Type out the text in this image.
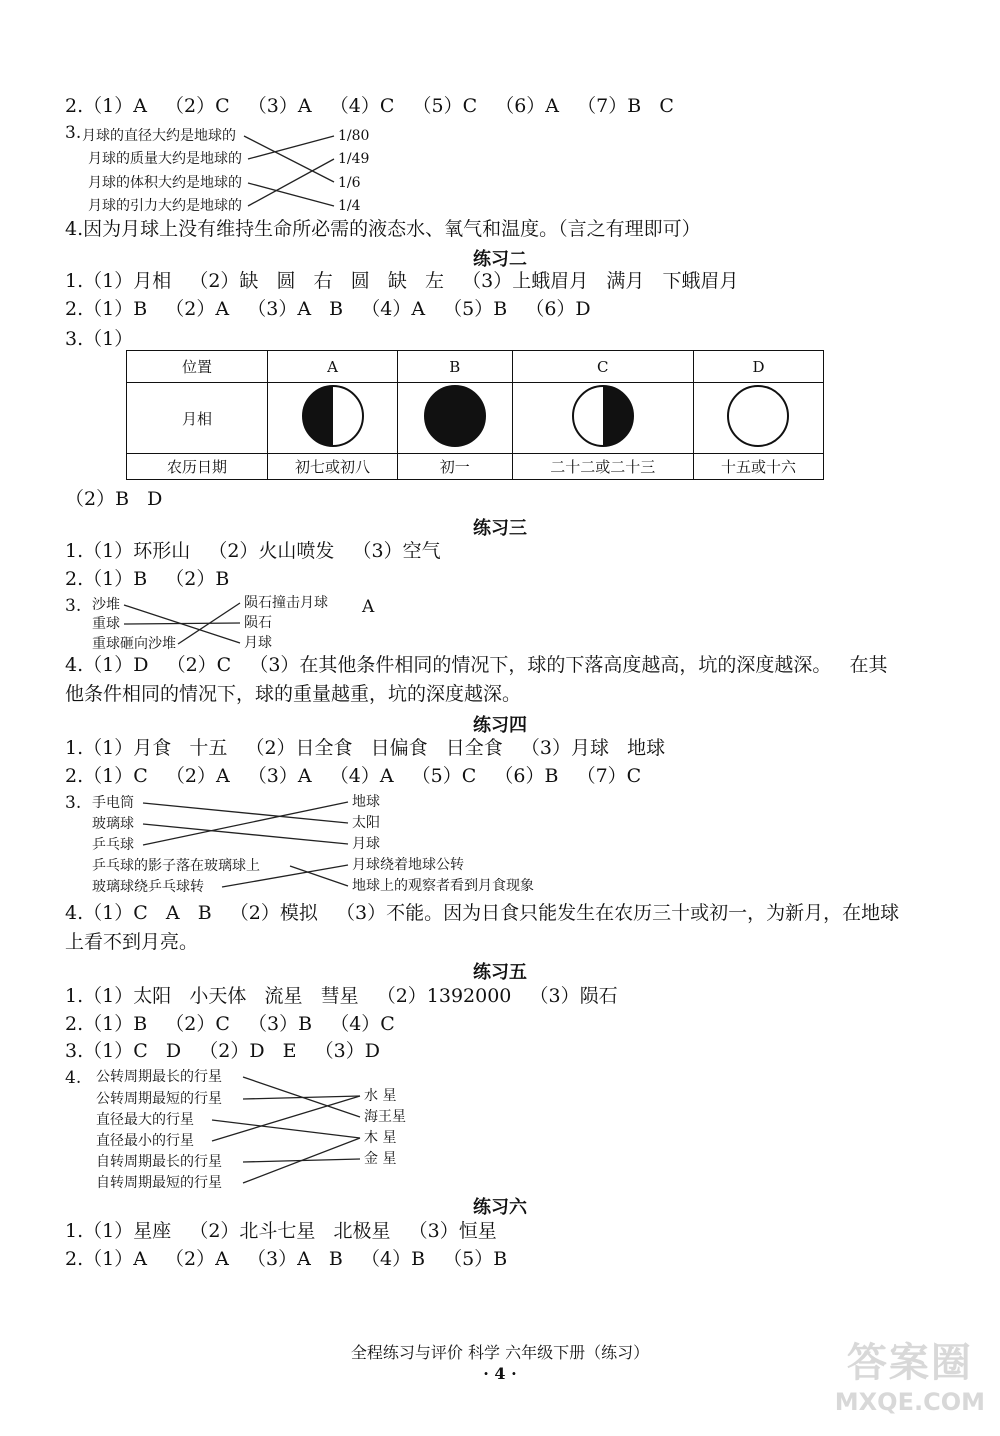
2.（1）A   （2）C   （3）A   （4）C   （5）C   （6）A   （7）B   C
3. 月球的直径大约是地球的
月球的质量大约是地球的
月球的体积大约是地球的
月球的引力大约是地球的
1/80
1/49
1/6
1/4
4.因为月球上没有维持生命所必需的液态水、氧气和温度。（言之有理即可）
练习二
1.（1）月相   （2）缺   圆   右   圆   缺   左   （3）上蛾眉月   满月   下蛾眉月
2.（1）B   （2）A   （3）A   B   （4）A   （5）B   （6）D
3.（1）
位置	A	B	C	D
月相				
农历日期	初七或初八	初一	二十二或二十三	十五或十六
（2）B   D
练习三
1.（1）环形山   （2）火山喷发   （3）空气
2.（1）B   （2）B
3. 沙堆
重球
重球砸向沙堆
陨石撞击月球
陨石
月球
A
4.（1）D   （2）C   （3）在其他条件相同的情况下，球的下落高度越高，坑的深度越深。   在其
他条件相同的情况下，球的重量越重，坑的深度越深。
练习四
1.（1）月食   十五   （2）日全食   日偏食   日全食   （3）月球   地球
2.（1）C   （2）A   （3）A   （4）A   （5）C   （6）B   （7）C
3. 手电筒
玻璃球
乒乓球
乒乓球的影子落在玻璃球上
玻璃球绕乒乓球转
地球
太阳
月球
月球绕着地球公转
地球上的观察者看到月食现象
4.（1）C   A   B   （2）模拟   （3）不能。因为日食只能发生在农历三十或初一，为新月，在地球
上看不到月亮。
练习五
1.（1）太阳   小天体   流星   彗星   （2）1392000   （3）陨石
2.（1）B   （2）C   （3）B   （4）C
3.（1）C   D   （2）D   E   （3）D
4. 公转周期最长的行星
公转周期最短的行星
直径最大的行星
直径最小的行星
自转周期最长的行星
自转周期最短的行星
水 星
海王星
木 星
金 星
练习六
1.（1）星座   （2）北斗七星   北极星   （3）恒星
2.（1）A   （2）A   （3）A   B   （4）B   （5）B
全程练习与评价 科学 六年级下册（练习）
· 4 ·	答案圈
MXQE.COM
